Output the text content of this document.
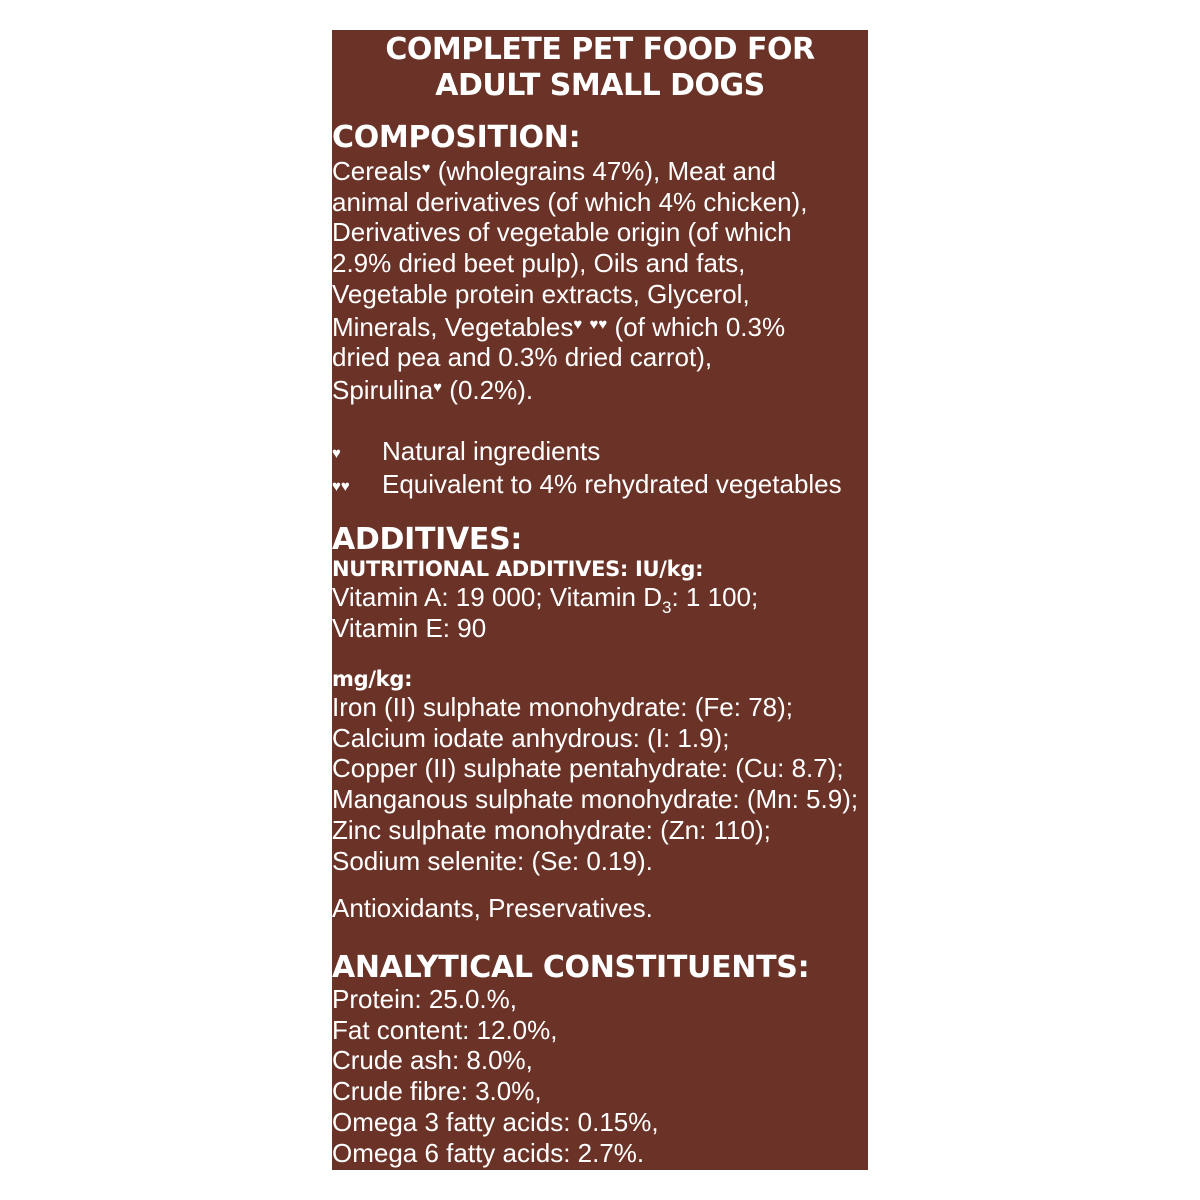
COMPLETE PET FOOD FOR
ADULT SMALL DOGS
COMPOSITION:
Cereals♥ (wholegrains 47%), Meat and
animal derivatives (of which 4% chicken),
Derivatives of vegetable origin (of which
2.9% dried beet pulp), Oils and fats,
Vegetable protein extracts, Glycerol,
Minerals, Vegetables♥ ♥♥ (of which 0.3%
dried pea and 0.3% dried carrot),
Spirulina♥ (0.2%).
♥	Natural ingredients
♥♥	Equivalent to 4% rehydrated vegetables
ADDITIVES:
NUTRITIONAL ADDITIVES: IU/kg:
Vitamin A: 19 000; Vitamin $D_3$: 1 100;
Vitamin E: 90
mg/kg:
Iron (II) sulphate monohydrate: (Fe: 78);
Calcium iodate anhydrous: (I: 1.9);
Copper (II) sulphate pentahydrate: (Cu: 8.7);
Manganous sulphate monohydrate: (Mn: 5.9);
Zinc sulphate monohydrate: (Zn: 110);
Sodium selenite: (Se: 0.19).
Antioxidants, Preservatives.
ANALYTICAL CONSTITUENTS:
Protein: 25.0.%,
Fat content: 12.0%,
Crude ash: 8.0%,
Crude fibre: 3.0%,
Omega 3 fatty acids: 0.15%,
Omega 6 fatty acids: 2.7%.
